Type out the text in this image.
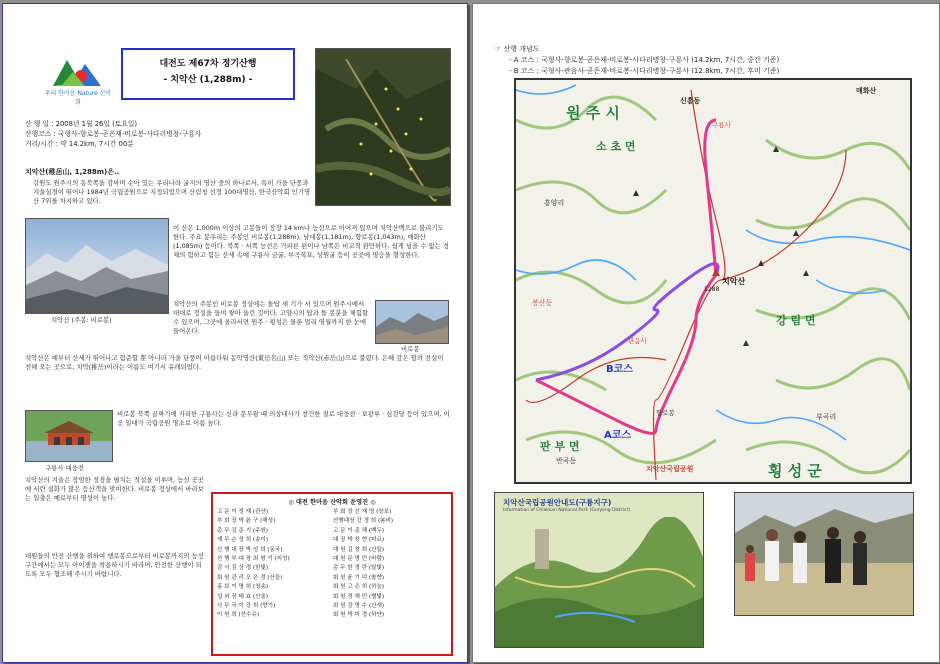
우리 한마음 Nature 산악회
대전도 제67차 정기산행
- 치악산 (1,288m) -
산 행 일 : 2008년 1월 26일 (토요일)
산행코스 : 국형사-향로봉-곧은재-비로봉-사다리병창-구룡사
거리/시간 : 약 14.2km, 7시간 00분
치악산(稚岳山, 1,288m)은..
강원도 원주시의 동북쪽을 감싸며 솟아 있는 우리나라 굴지의 명산 중의 하나로서, 특히 가을 단풍과 겨울설경이 뛰어나 1984년 국립공원으로 지정되었으며 산림청 선정 100대명산, 한국산악회 인기명산 7위를 차지하고 있다.
치악산 (주봉: 비로봉)
이 산은 1,000m 이상의 고봉들이 장장 14 km나 능선으로 이어져 있으며 치악산맥으로 불리기도 한다. 주요 봉우리는 주봉인 비로봉(1,288m), 남대봉(1,181m), 향로봉(1,043m), 매화산(1,085m) 등이다. 북쪽 · 서쪽 능선은 가파른 편이나 남쪽은 비교적 완만하다. 쉽게 넘을 수 없는 정체의 험하고 힘든 산세 속에 구룡사 금굴, 부곡폭포, 상원굴 등이 곳곳에 명승을 형성한다.
비로봉
치악산의 주봉인 비로봉 정상에는 돌탑 세 기가 서 있으며 원주시에서 대대로 정성을 들여 쌓아 올린 것이다. 고양시의 탑과 돌 봉분을 체험할 수 있으며, 그곳에 올라서면 원주 · 횡성은 물론 멀리 영월까지 한 눈에 들어온다.
치악산은 예부터 산세가 뛰어나고 험준할 뿐 아니라 가을 단풍이 아름다워 동악명산(東岳名山) 또는 적악산(赤岳山)으로 불렸다. 은혜 갚은 꿩의 전설이 전해 오는 곳으로, 치악(稚岳)이라는 이름도 여기서 유래되었다.
구룡사 대웅전
비로봉 북쪽 골짜기에 자리한 구룡사는 신라 문무왕 때 의상대사가 창건한 절로 대웅전 · 보광루 · 심검당 등이 있으며, 이곳 일대가 국립공원 명소로 이름 높다.
치악산의 겨울은 장엄한 정경을 펼치는 적설을 이루며, 능선 곳곳에 서린 설화가 많은 등산객을 맞이한다. 비로봉 정상에서 바라보는 일출은 예로부터 명성이 높다.
대원들의 안전 산행을 위하여 행로봉으로부터 비로봉까지의 능선 구간에서는 모두 아이젠을 착용하시기 바라며, 안전한 산행이 되도록 모두 협조해 주시기 바랍니다.
◎ 대전 한마음 산악회 운영진 ◎
고 문 이 정 재 (관산)
부 회 장 박 윤 구 (해성)
총 무 김 준 기 (주원)
재 무 손 정 희 (송이)
산 행 대 장 박 성 희 (동국)
산 행 부 대 장 최 형 기 (지성)
감 사 김 상 경 (한빛)
회 원 관 리 오 은 경 (산들)
홍 보 이 명 희 (청송)
섭 외 장 태 효 (산울)
사 무 국 이 강 희 (향기)
이 원 희 (산수유)
부 회 장 신 재 명 (장보)
산행대장 강 경 희 (봄비)
고 문 이 종 해 (백두)
대 장 박 창 현 (미르)
대 원 김 창 희 (산들)
대 원 문 명 민 (바람)
총 무 한 경 란 (달빛)
회 원 윤 기 덕 (솔향)
회 원 고 은 희 (하늘)
회 원 정 재 민 (별빛)
회 원 강 명 수 (산새)
회 원 박 미 경 (하얀)
☞ 산행 개념도
- A 코스 : 국형사-향로봉-곧은재-비로봉-사다리병창-구룡사 (14.2km, 7시간, 중간 기준)
- B 코스 : 국형사-관음사-곧은재-비로봉-사다리병창-구룡사 (12.8km, 7시간, 후미 기준)
원 주 시
소 초 면
강 림 면
판 부 면
횡 성 군
치악산
1288
B코스
A코스
신흥동
매화산
향로봉
구룡사
흥양리
봉산동
반곡동
관음사
부곡리
치악산국립공원
치악산국립공원안내도(구룡지구)
Information of Chiaksan National Park (Guryong District)
